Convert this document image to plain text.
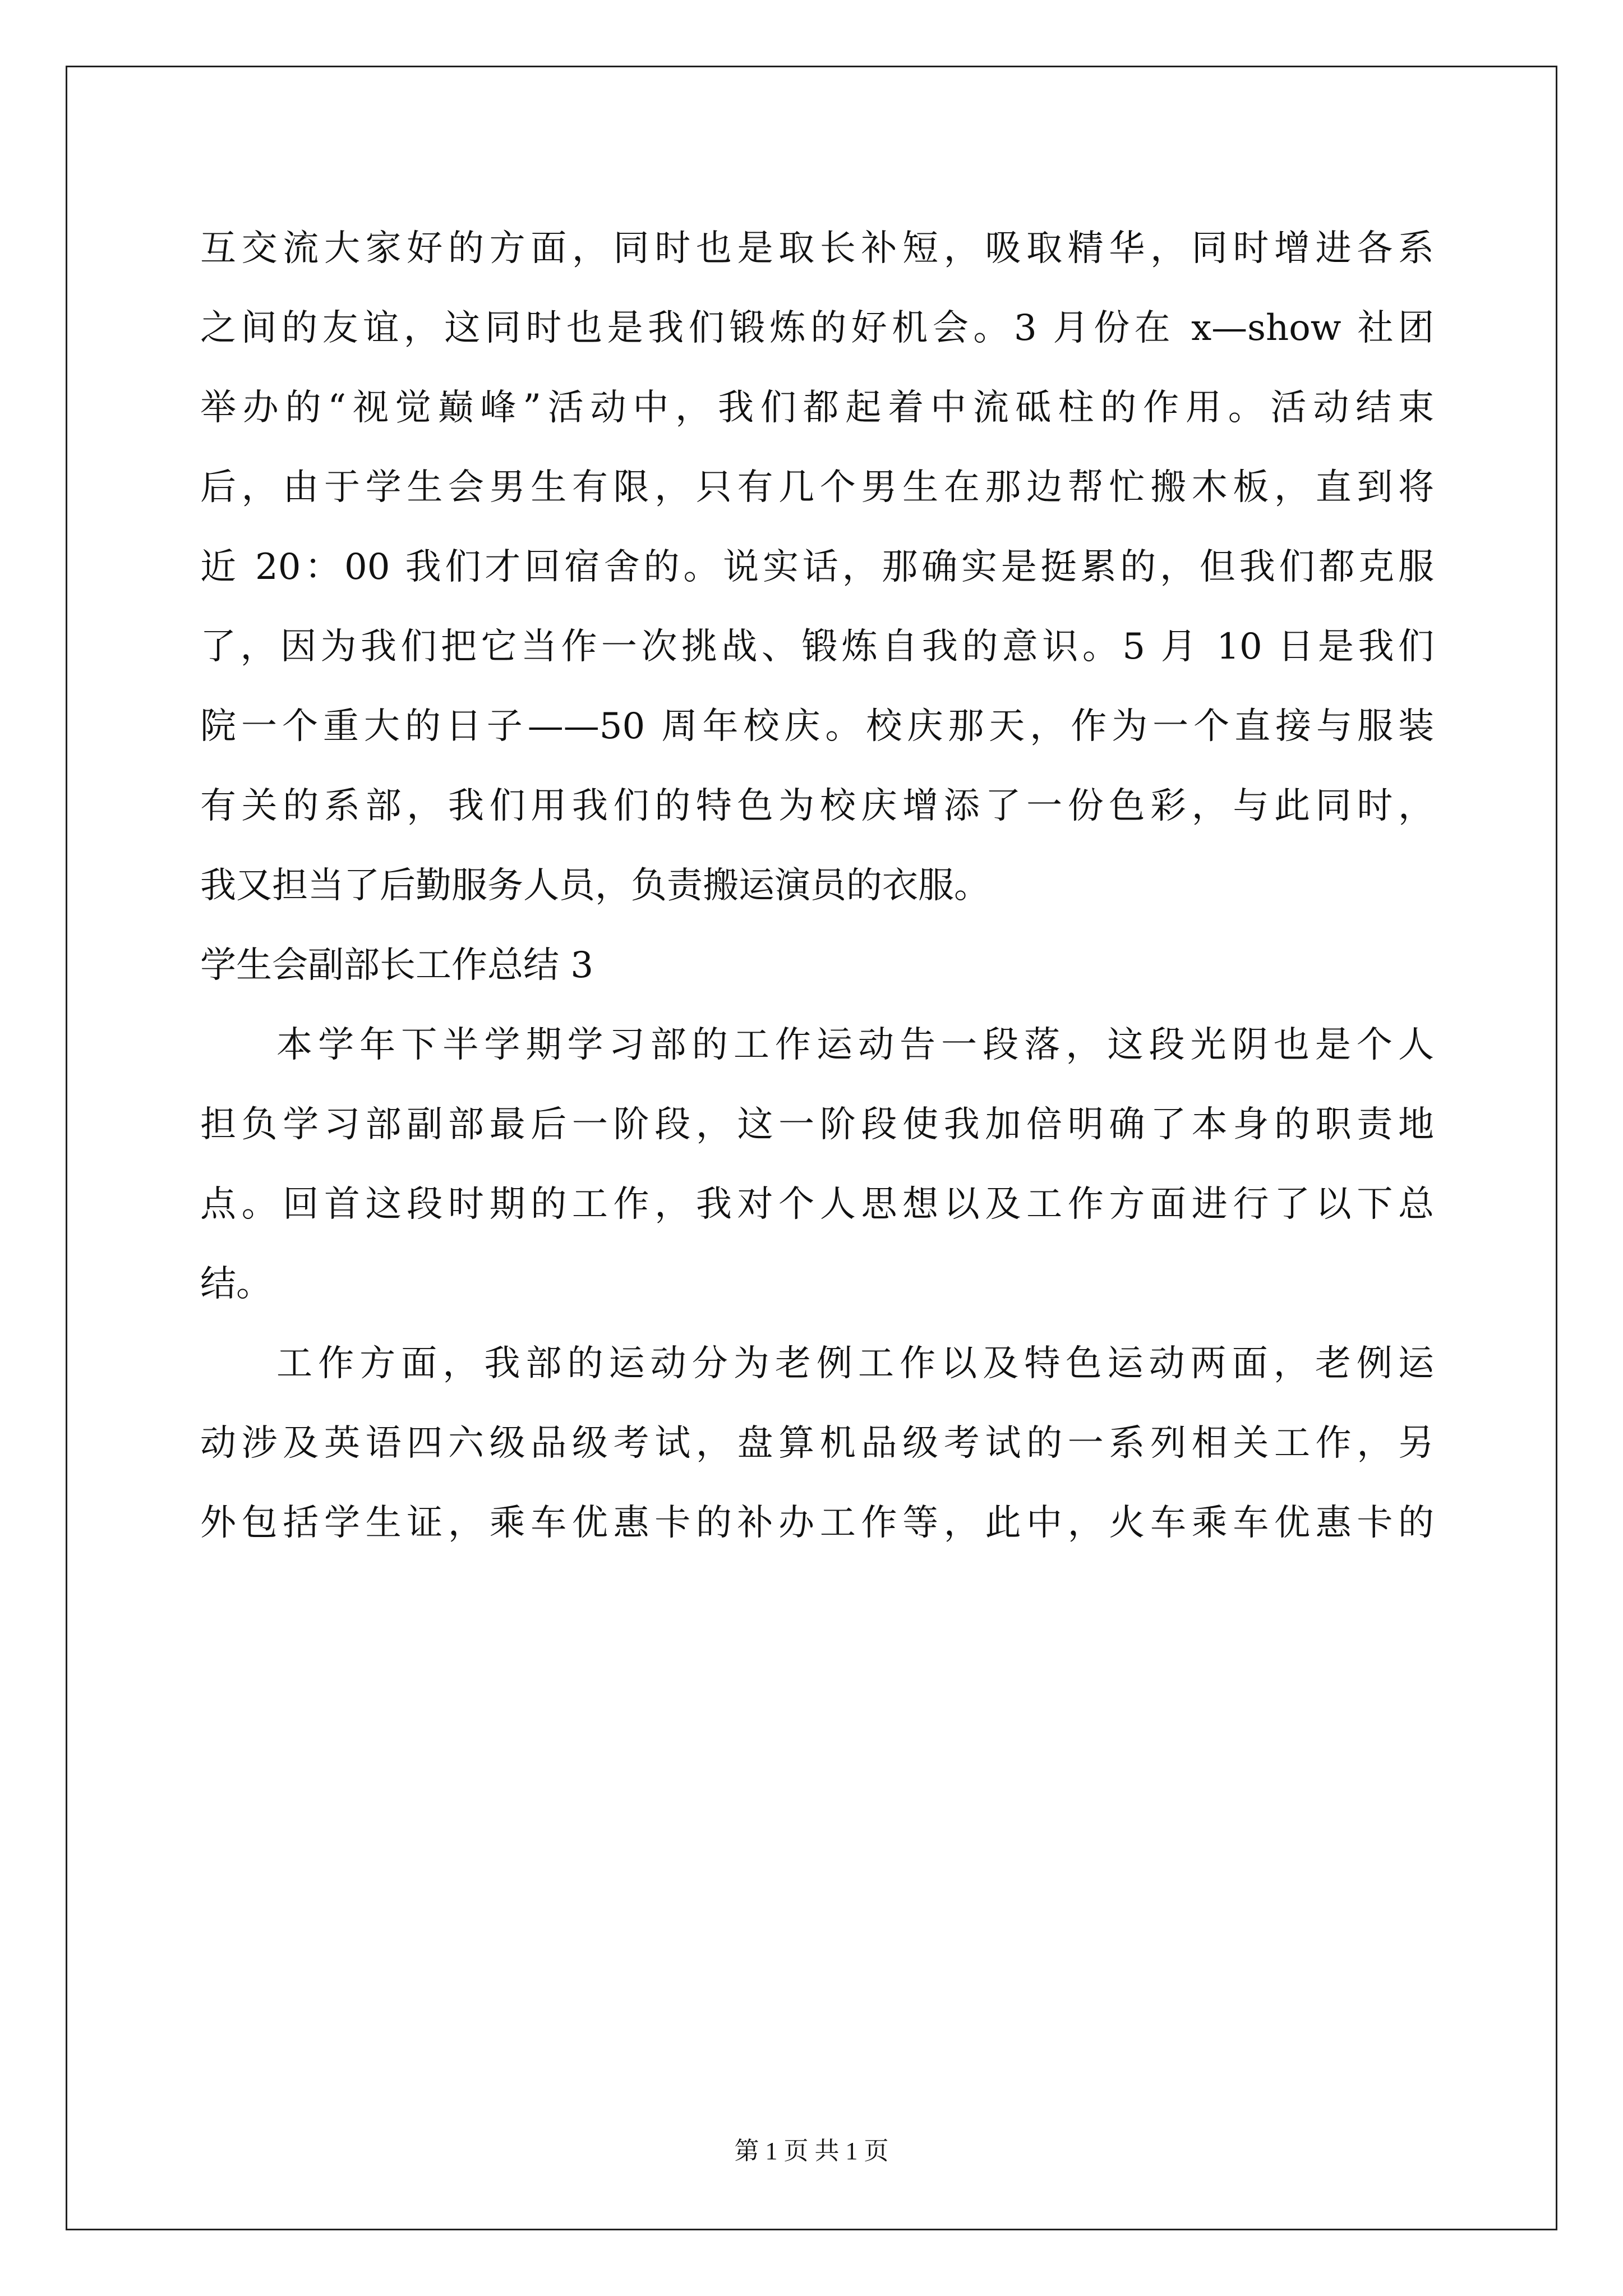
互交流大家好的方面，同时也是取长补短，吸取精华，同时增进各系
之间的友谊，这同时也是我们锻炼的好机会。3 月份在 x—show 社团
举办的“视觉巅峰”活动中，我们都起着中流砥柱的作用。活动结束
后，由于学生会男生有限，只有几个男生在那边帮忙搬木板，直到将
近 20：00 我们才回宿舍的。说实话，那确实是挺累的，但我们都克服
了，因为我们把它当作一次挑战、锻炼自我的意识。5 月 10 日是我们
院一个重大的日子——50 周年校庆。校庆那天，作为一个直接与服装
有关的系部，我们用我们的特色为校庆增添了一份色彩，与此同时，
我又担当了后勤服务人员，负责搬运演员的衣服。
学生会副部长工作总结 3
本学年下半学期学习部的工作运动告一段落，这段光阴也是个人
担负学习部副部最后一阶段，这一阶段使我加倍明确了本身的职责地
点。回首这段时期的工作，我对个人思想以及工作方面进行了以下总
结。
工作方面，我部的运动分为老例工作以及特色运动两面，老例运
动涉及英语四六级品级考试，盘算机品级考试的一系列相关工作，另
外包括学生证，乘车优惠卡的补办工作等，此中，火车乘车优惠卡的
第 1 页 共 1 页
